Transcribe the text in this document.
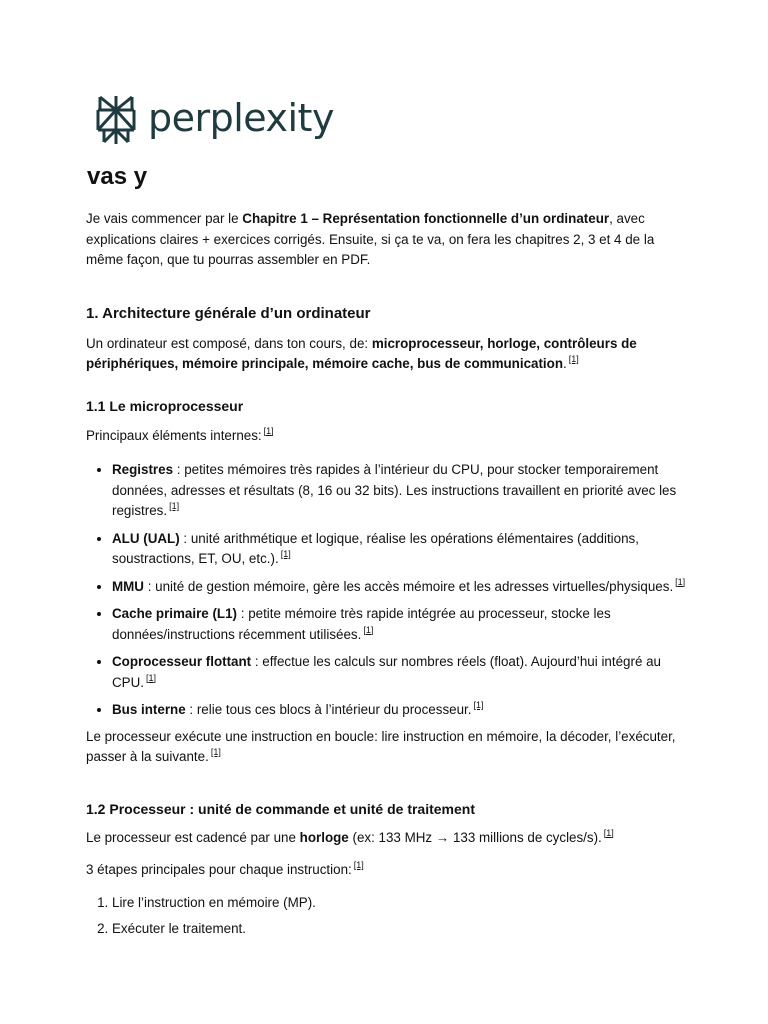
perplexity
vas y

Je vais commencer par le Chapitre 1 – Représentation fonctionnelle d’un ordinateur, avec explications claires + exercices corrigés. Ensuite, si ça te va, on fera les chapitres 2, 3 et 4 de la même façon, que tu pourras assembler en PDF.

1. Architecture générale d’un ordinateur

Un ordinateur est composé, dans ton cours, de: microprocesseur, horloge, contrôleurs de périphériques, mémoire principale, mémoire cache, bus de communication. [1]

1.1 Le microprocesseur

Principaux éléments internes: [1]

• Registres : petites mémoires très rapides à l’intérieur du CPU, pour stocker temporairement données, adresses et résultats (8, 16 ou 32 bits). Les instructions travaillent en priorité avec les registres. [1]
• ALU (UAL) : unité arithmétique et logique, réalise les opérations élémentaires (additions, soustractions, ET, OU, etc.). [1]
• MMU : unité de gestion mémoire, gère les accès mémoire et les adresses virtuelles/physiques. [1]
• Cache primaire (L1) : petite mémoire très rapide intégrée au processeur, stocke les données/instructions récemment utilisées. [1]
• Coprocesseur flottant : effectue les calculs sur nombres réels (float). Aujourd’hui intégré au CPU. [1]
• Bus interne : relie tous ces blocs à l’intérieur du processeur. [1]

Le processeur exécute une instruction en boucle: lire instruction en mémoire, la décoder, l’exécuter, passer à la suivante. [1]

1.2 Processeur : unité de commande et unité de traitement

Le processeur est cadencé par une horloge (ex: 133 MHz → 133 millions de cycles/s). [1]

3 étapes principales pour chaque instruction: [1]

1. Lire l’instruction en mémoire (MP).
2. Exécuter le traitement.
